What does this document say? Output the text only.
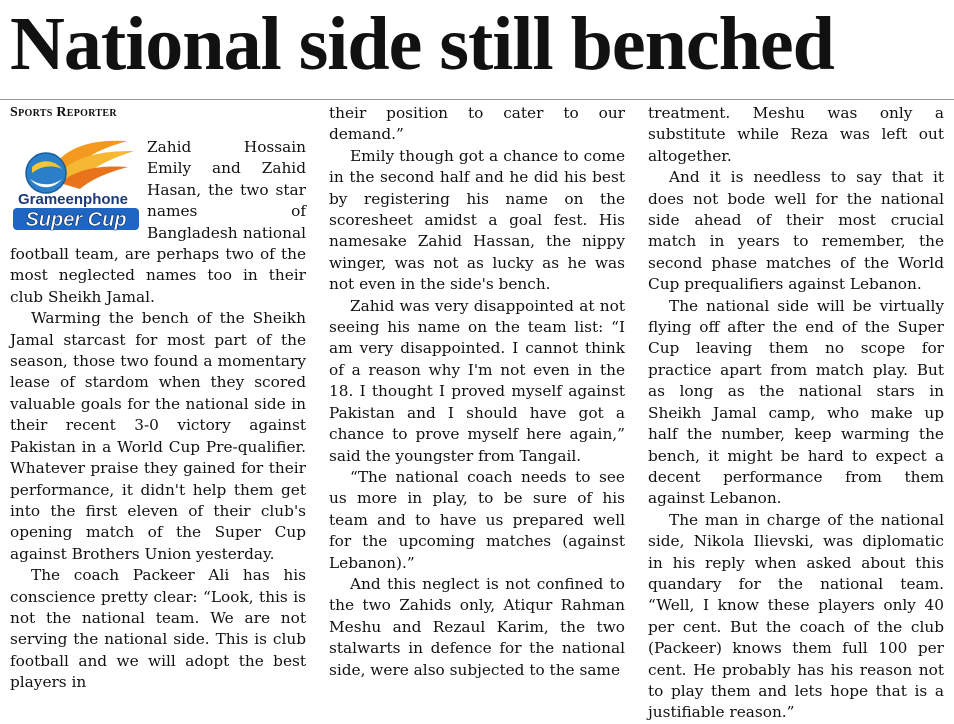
National side still benched
Sports Reporter
Grameenphone
Super Cup

Zahid Hossain Emily and Zahid Hasan, the two star names of Bangladesh national football team, are perhaps two of the most neglected names too in their club Sheikh Jamal.

Warming the bench of the Sheikh Jamal starcast for most part of the season, those two found a momentary lease of stardom when they scored valuable goals for the national side in their recent 3-0 victory against Pakistan in a World Cup Pre-qualifier. Whatever praise they gained for their performance, it didn't help them get into the first eleven of their club's opening match of the Super Cup against Brothers Union yesterday.

The coach Packeer Ali has his conscience pretty clear: “Look, this is not the national team. We are not serving the national side. This is club football and we will adopt the best players in

their position to cater to our demand.”

Emily though got a chance to come in the second half and he did his best by registering his name on the scoresheet amidst a goal fest. His namesake Zahid Hassan, the nippy winger, was not as lucky as he was not even in the side's bench.

Zahid was very disappointed at not seeing his name on the team list: “I am very disappointed. I cannot think of a reason why I'm not even in the 18. I thought I proved myself against Pakistan and I should have got a chance to prove myself here again,” said the youngster from Tangail.

“The national coach needs to see us more in play, to be sure of his team and to have us prepared well for the upcoming matches (against Lebanon).”

And this neglect is not confined to the two Zahids only, Atiqur Rahman Meshu and Rezaul Karim, the two stalwarts in defence for the national side, were also subjected to the same

treatment. Meshu was only a substitute while Reza was left out altogether.

And it is needless to say that it does not bode well for the national side ahead of their most crucial match in years to remember, the second phase matches of the World Cup prequalifiers against Lebanon.

The national side will be virtually flying off after the end of the Super Cup leaving them no scope for practice apart from match play. But as long as the national stars in Sheikh Jamal camp, who make up half the number, keep warming the bench, it might be hard to expect a decent performance from them against Lebanon.

The man in charge of the national side, Nikola Ilievski, was diplomatic in his reply when asked about this quandary for the national team. “Well, I know these players only 40 per cent. But the coach of the club (Packeer) knows them full 100 per cent. He probably has his reason not to play them and lets hope that is a justifiable reason.”
